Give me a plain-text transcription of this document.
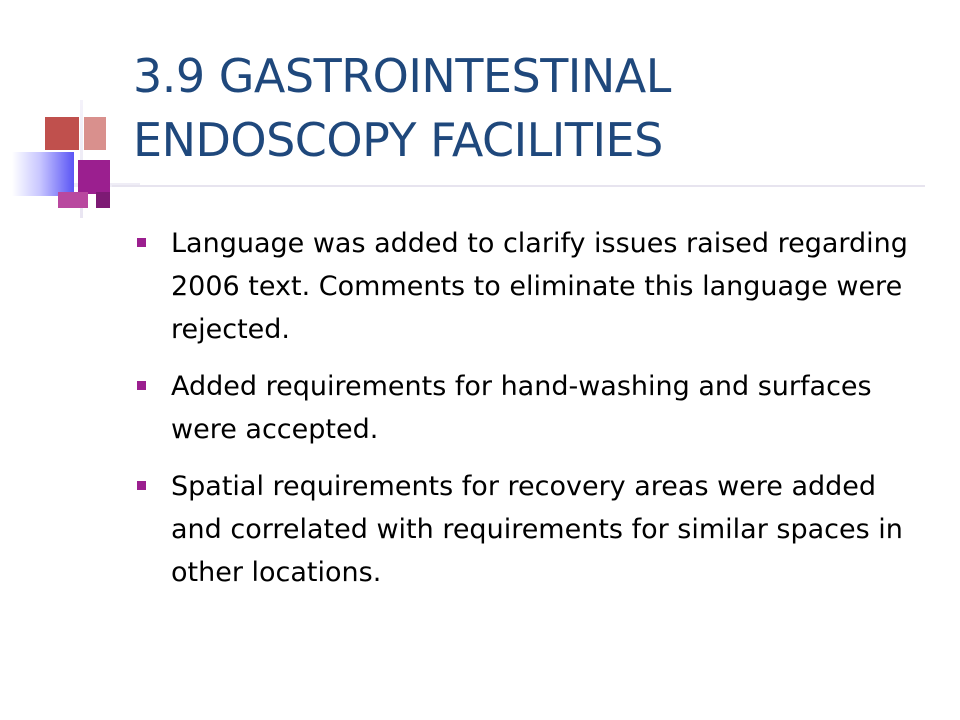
3.9 GASTROINTESTINAL ENDOSCOPY FACILITIES
Language was added to clarify issues raised regarding 2006 text. Comments to eliminate this language were rejected.
Added requirements for hand-washing and surfaces were accepted.
Spatial requirements for recovery areas were added and correlated with requirements for similar spaces in other locations.
